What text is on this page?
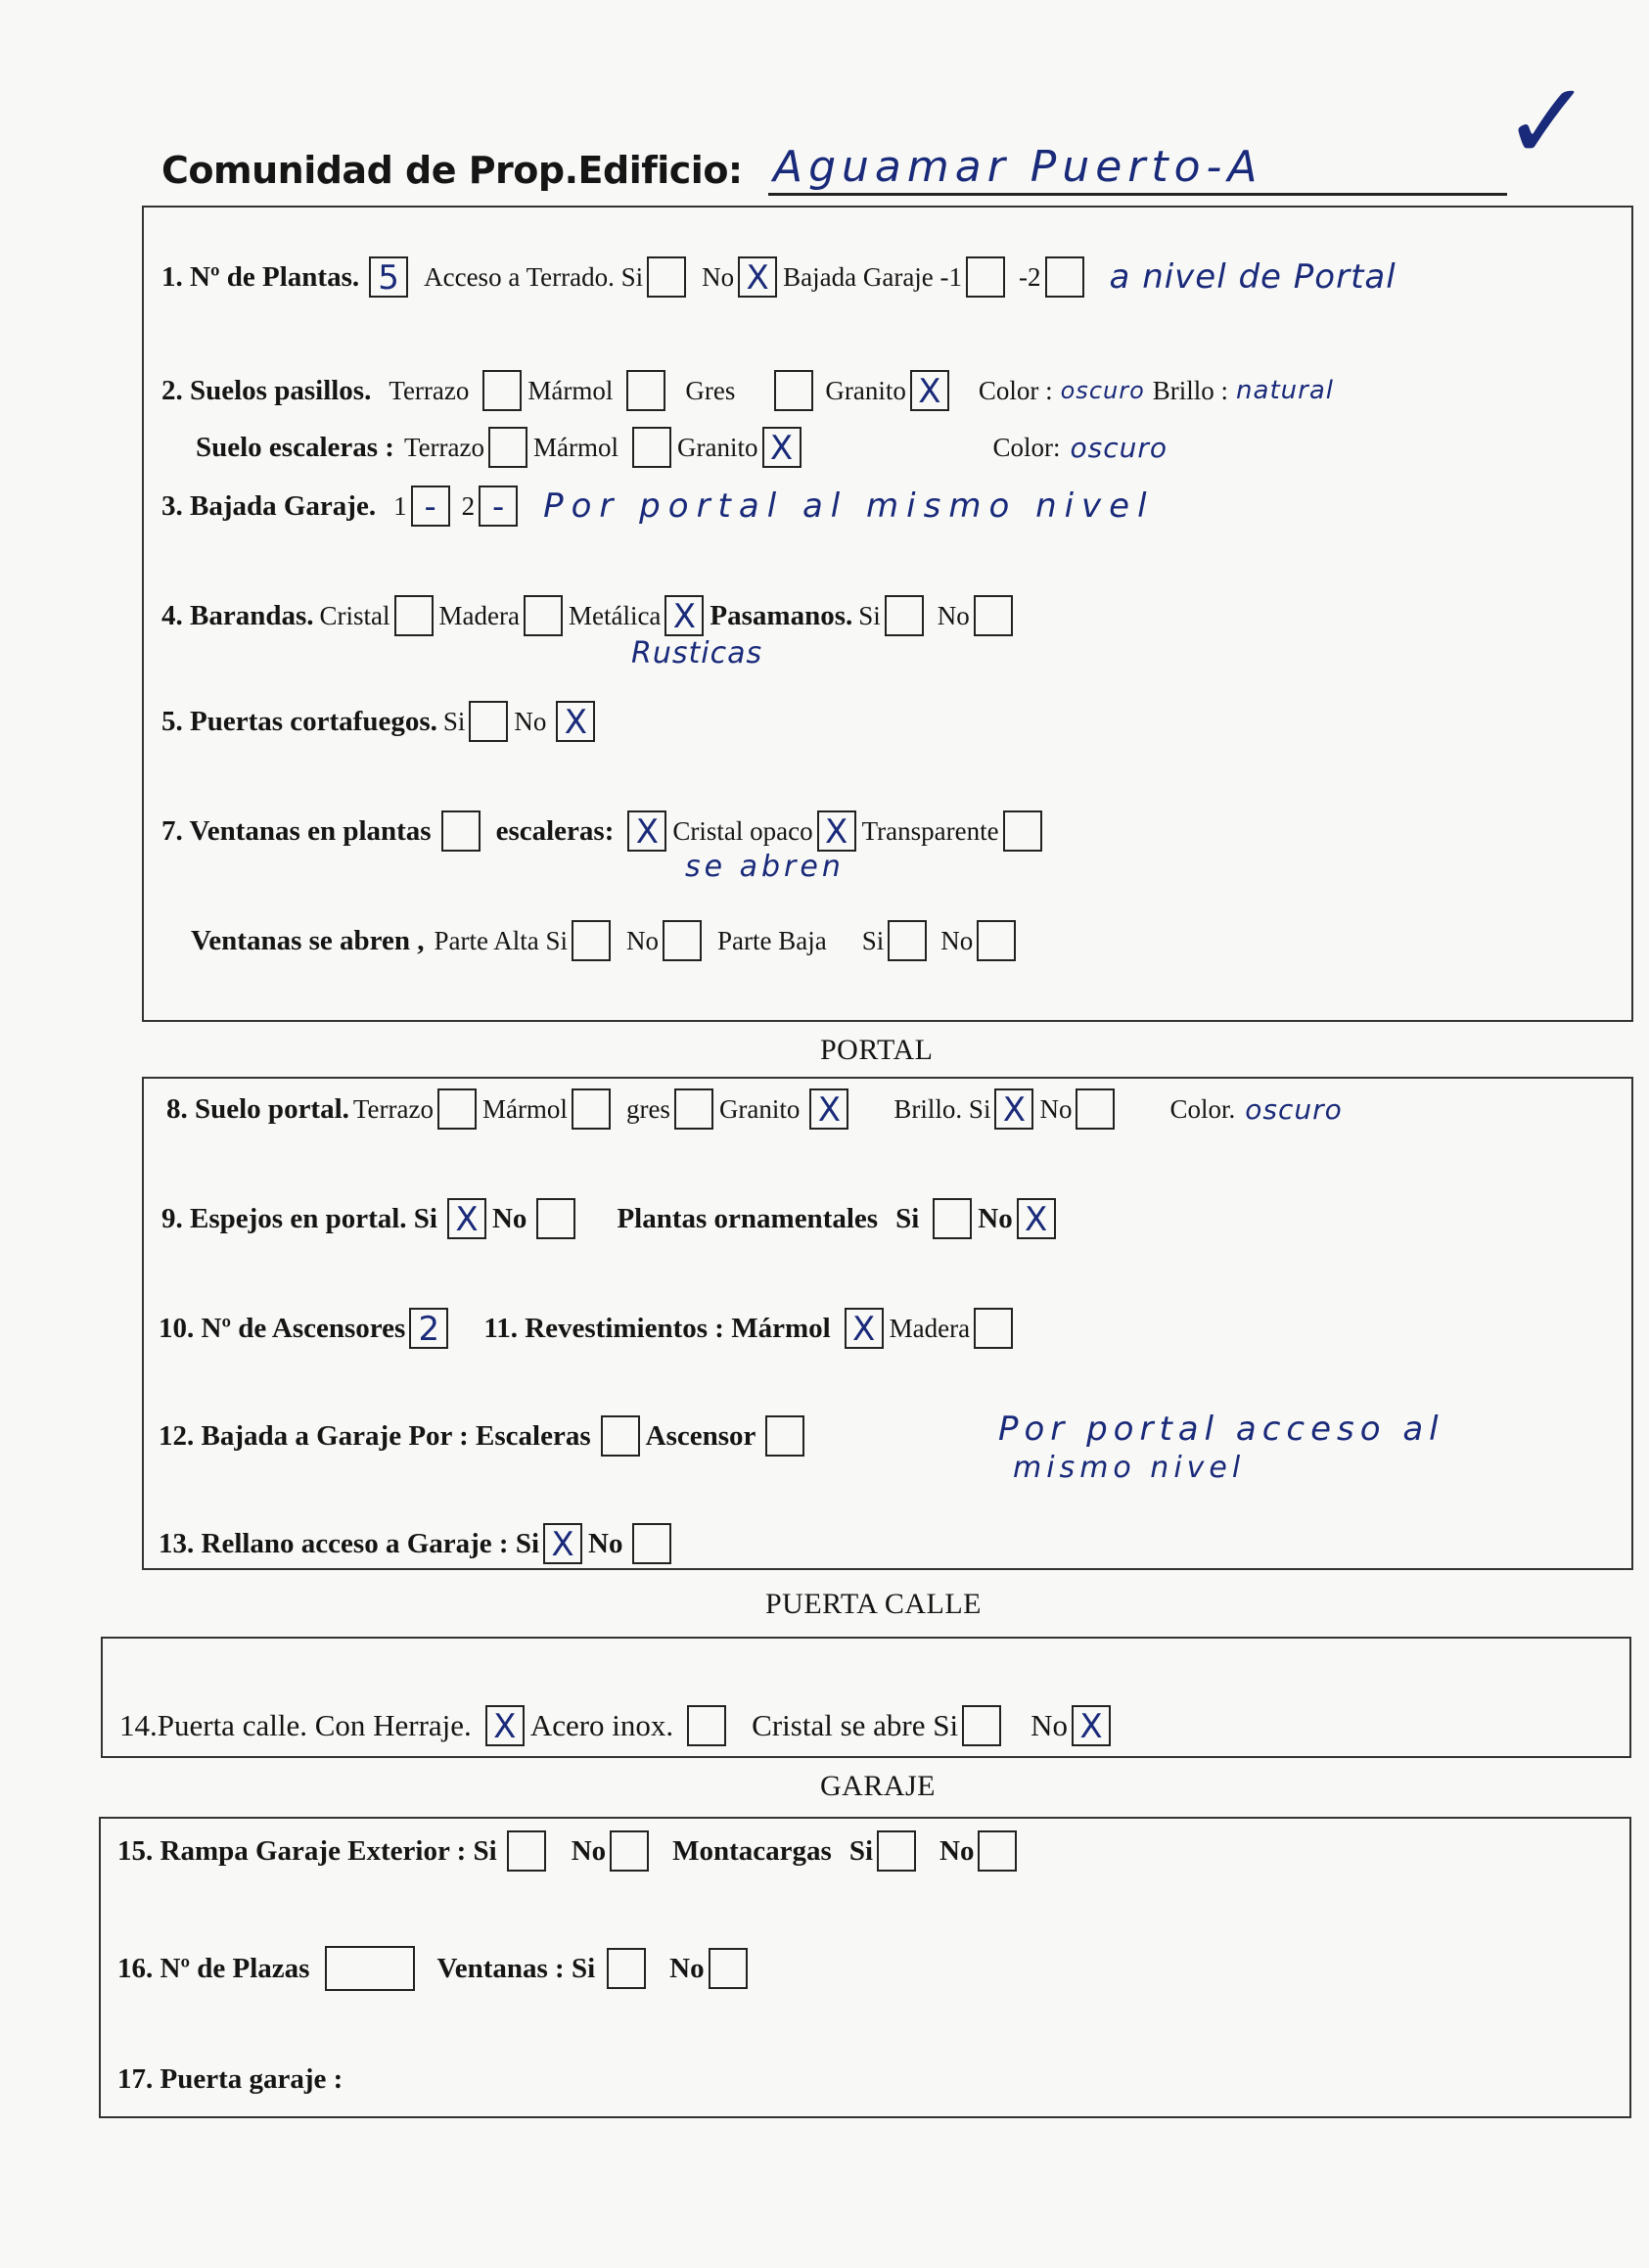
Comunidad de Prop.Edificio: Aguamar Puerto-A ✓
1. Nº de Plantas. 5 Acceso a Terrado. Si No X Bajada Garaje -1 -2 a nivel de Portal
2. Suelos pasillos. Terrazo Mármol	Gres	Granito X	Color : oscuro Brillo : natural
Suelo escaleras : Terrazo Mármol Granito X	Color: oscuro
3. Bajada Garaje. 1 - 2 -	Por portal al mismo nivel
4. Barandas. Cristal Madera Metálica X Pasamanos. Si No
Rusticas
5. Puertas cortafuegos. Si No X
7. Ventanas en plantas escaleras: X Cristal opaco X Transparente
se abren
Ventanas se abren , Parte Alta Si No Parte Baja Si No
PORTAL
8. Suelo portal. Terrazo Mármol gres Granito X	Brillo. Si X No	Color. oscuro
9. Espejos en portal. Si X No	Plantas ornamentales Si No X
10. Nº de Ascensores 2	11. Revestimientos : Mármol X Madera
12. Bajada a Garaje Por : Escaleras Ascensor	Por portal acceso al
mismo nivel
13. Rellano acceso a Garaje : Si X No
PUERTA CALLE
14.Puerta calle. Con Herraje. X Acero inox.	Cristal se abre Si No X
GARAJE
15. Rampa Garaje Exterior : Si	No Montacargas Si No
16. Nº de Plazas	Ventanas : Si	No
17. Puerta garaje :
